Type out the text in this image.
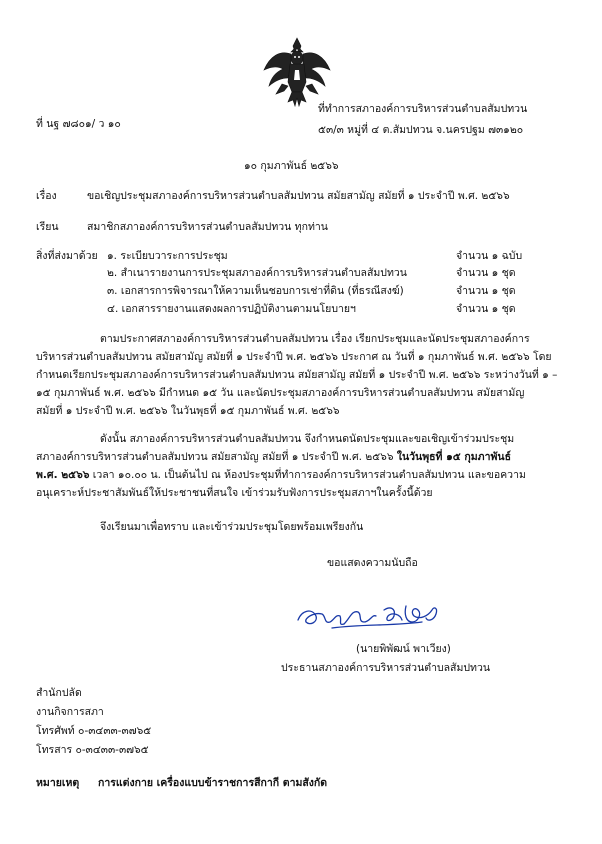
ที่ นฐ ๗๘๐๑/ ว ๑๐
ที่ทำการสภาองค์การบริหารส่วนตำบลสัมปทวน
๕๓/๓ หมู่ที่ ๔ ต.สัมปทวน จ.นครปฐม ๗๓๑๒๐
๑๐ กุมภาพันธ์ ๒๕๖๖
เรื่อง	ขอเชิญประชุมสภาองค์การบริหารส่วนตำบลสัมปทวน สมัยสามัญ สมัยที่ ๑ ประจำปี พ.ศ. ๒๕๖๖
เรียน	สมาชิกสภาองค์การบริหารส่วนตำบลสัมปทวน ทุกท่าน
สิ่งที่ส่งมาด้วย ๑. ระเบียบวาระการประชุม	จำนวน ๑ ฉบับ
๒. สำเนารายงานการประชุมสภาองค์การบริหารส่วนตำบลสัมปทวน	จำนวน ๑ ชุด
๓. เอกสารการพิจารณาให้ความเห็นชอบการเช่าที่ดิน (ที่ธรณีสงฆ์)	จำนวน ๑ ชุด
๔. เอกสารรายงานแสดงผลการปฏิบัติงานตามนโยบายฯ	จำนวน ๑ ชุด
ตามประกาศสภาองค์การบริหารส่วนตำบลสัมปทวน เรื่อง เรียกประชุมและนัดประชุมสภาองค์การ
บริหารส่วนตำบลสัมปทวน สมัยสามัญ สมัยที่ ๑ ประจำปี พ.ศ. ๒๕๖๖ ประกาศ ณ วันที่ ๑ กุมภาพันธ์ พ.ศ. ๒๕๖๖ โดย
กำหนดเรียกประชุมสภาองค์การบริหารส่วนตำบลสัมปทวน สมัยสามัญ สมัยที่ ๑ ประจำปี พ.ศ. ๒๕๖๖ ระหว่างวันที่ ๑ –
๑๕ กุมภาพันธ์ พ.ศ. ๒๕๖๖ มีกำหนด ๑๕ วัน และนัดประชุมสภาองค์การบริหารส่วนตำบลสัมปทวน สมัยสามัญ
สมัยที่ ๑ ประจำปี พ.ศ. ๒๕๖๖ ในวันพุธที่ ๑๕ กุมภาพันธ์ พ.ศ. ๒๕๖๖
ดังนั้น สภาองค์การบริหารส่วนตำบลสัมปทวน จึงกำหนดนัดประชุมและขอเชิญเข้าร่วมประชุม
สภาองค์การบริหารส่วนตำบลสัมปทวน สมัยสามัญ สมัยที่ ๑ ประจำปี พ.ศ. ๒๕๖๖ ในวันพุธที่ ๑๕ กุมภาพันธ์
พ.ศ. ๒๕๖๖ เวลา ๑๐.๐๐ น. เป็นต้นไป ณ ห้องประชุมที่ทำการองค์การบริหารส่วนตำบลสัมปทวน และขอความ
อนุเคราะห์ประชาสัมพันธ์ให้ประชาชนที่สนใจ เข้าร่วมรับฟังการประชุมสภาฯในครั้งนี้ด้วย
จึงเรียนมาเพื่อทราบ และเข้าร่วมประชุมโดยพร้อมเพรียงกัน
ขอแสดงความนับถือ
(นายพิพัฒน์ พาเวียง)
ประธานสภาองค์การบริหารส่วนตำบลสัมปทวน
สำนักปลัด
งานกิจการสภา
โทรศัพท์ ๐-๓๔๓๓-๓๗๖๕
โทรสาร ๐-๓๔๓๓-๓๗๖๕
หมายเหตุ การแต่งกาย เครื่องแบบข้าราชการสีกากี ตามสังกัด
